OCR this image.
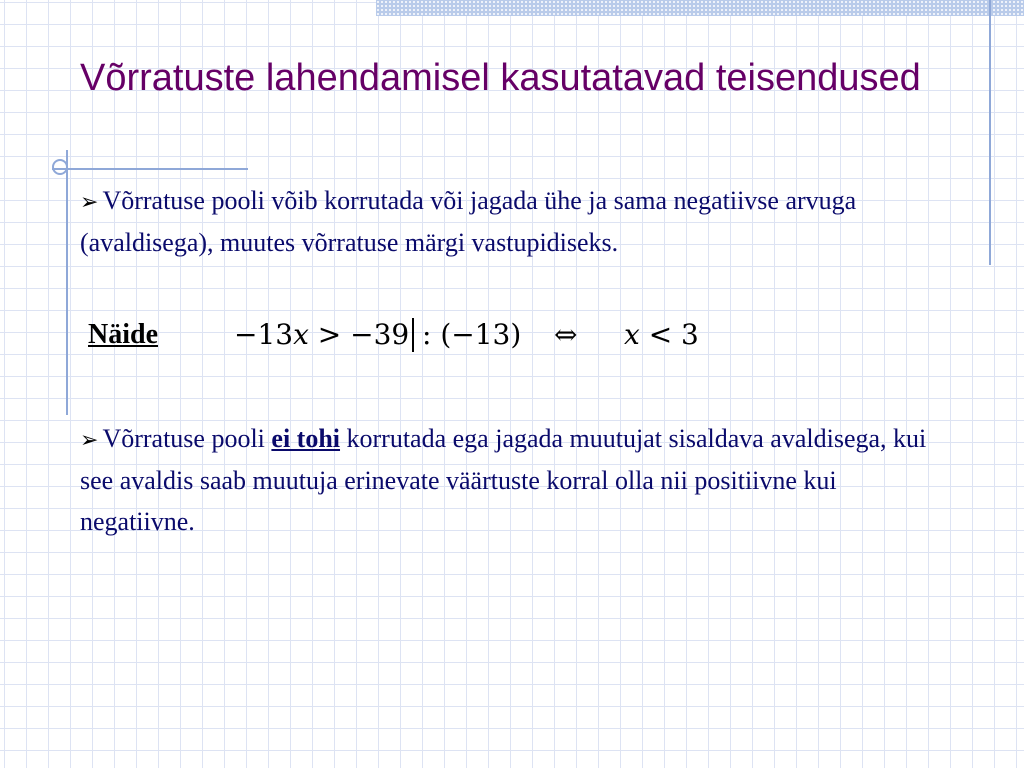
Võrratuste lahendamisel kasutatavad teisendused

➢ Võrratuse pooli võib korrutada või jagada ühe ja sama negatiivse arvuga (avaldisega), muutes võrratuse märgi vastupidiseks.

Näide	−13x > −39 : (−13) ⇔ x < 3

➢ Võrratuse pooli ei tohi korrutada ega jagada muutujat sisaldava avaldisega, kui see avaldis saab muutuja erinevate väärtuste korral olla nii positiivne kui negatiivne.
